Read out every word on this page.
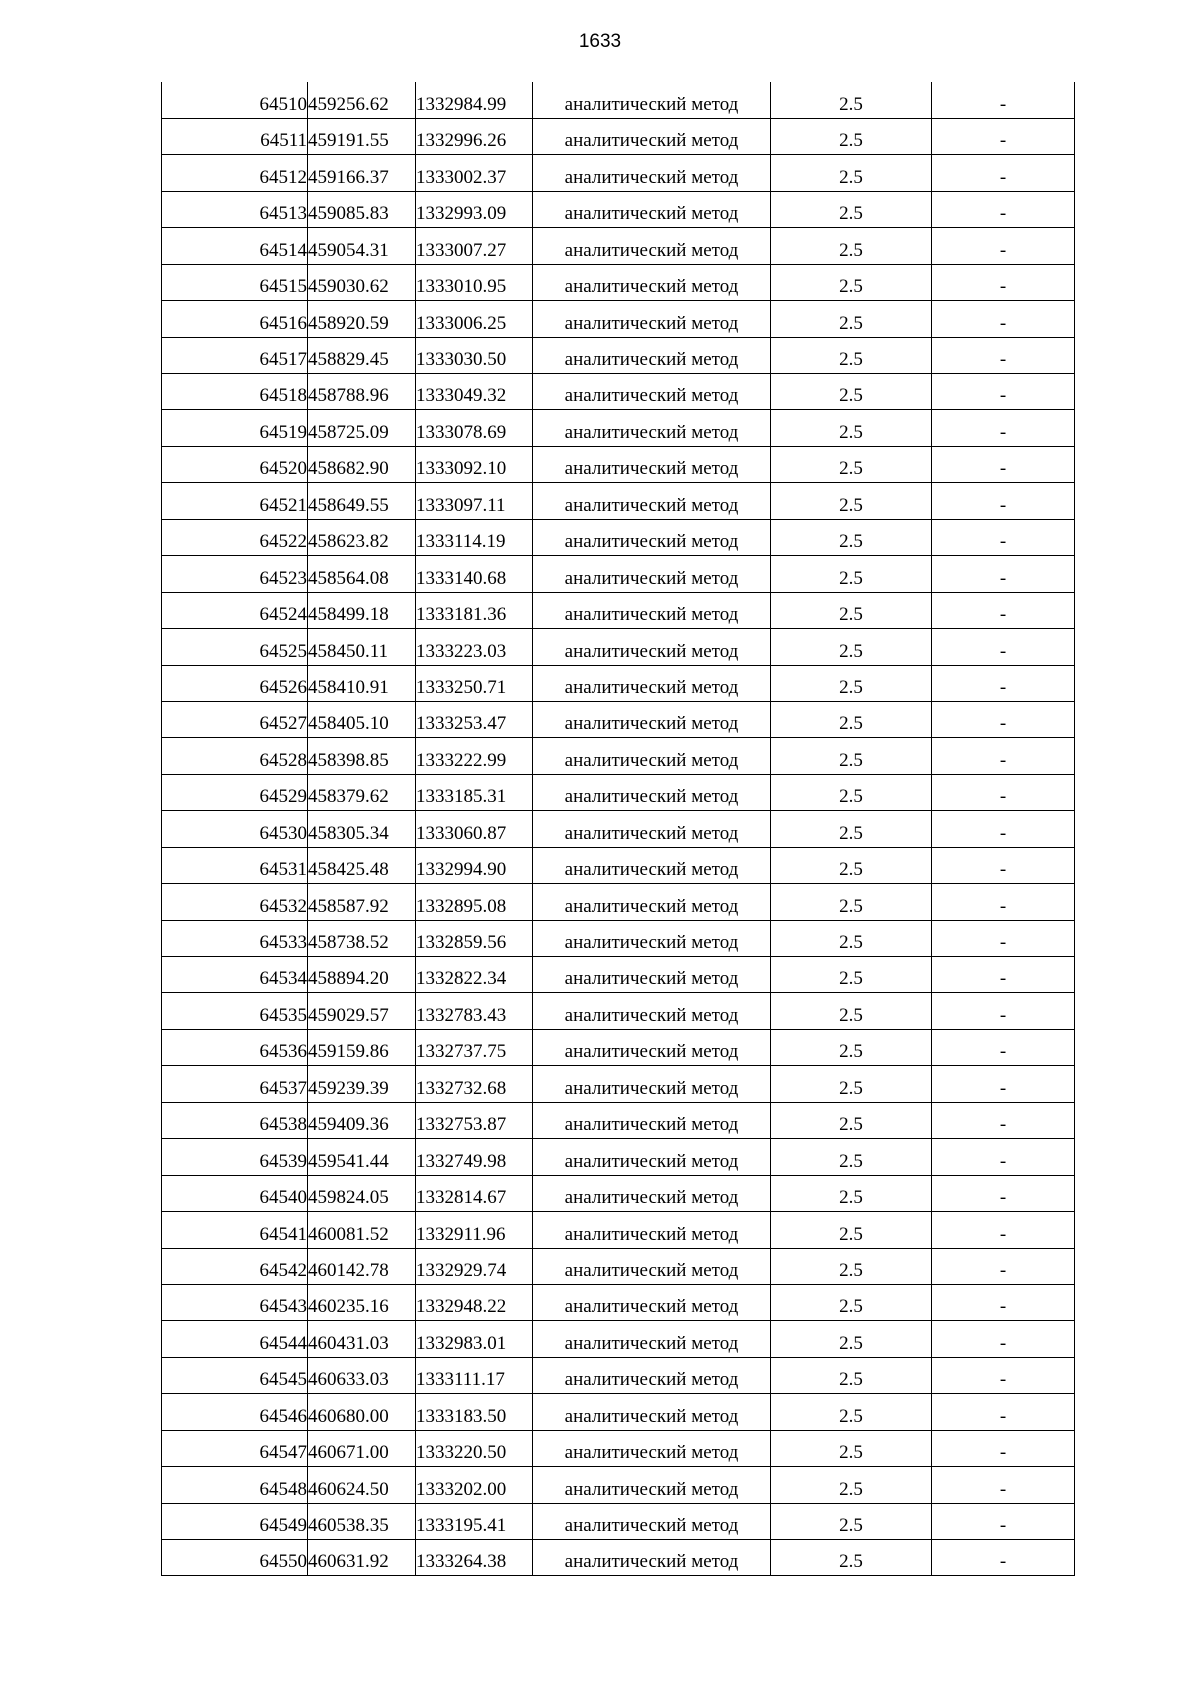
1633
64510	459256.62	1332984.99	аналитический метод	2.5	-
64511	459191.55	1332996.26	аналитический метод	2.5	-
64512	459166.37	1333002.37	аналитический метод	2.5	-
64513	459085.83	1332993.09	аналитический метод	2.5	-
64514	459054.31	1333007.27	аналитический метод	2.5	-
64515	459030.62	1333010.95	аналитический метод	2.5	-
64516	458920.59	1333006.25	аналитический метод	2.5	-
64517	458829.45	1333030.50	аналитический метод	2.5	-
64518	458788.96	1333049.32	аналитический метод	2.5	-
64519	458725.09	1333078.69	аналитический метод	2.5	-
64520	458682.90	1333092.10	аналитический метод	2.5	-
64521	458649.55	1333097.11	аналитический метод	2.5	-
64522	458623.82	1333114.19	аналитический метод	2.5	-
64523	458564.08	1333140.68	аналитический метод	2.5	-
64524	458499.18	1333181.36	аналитический метод	2.5	-
64525	458450.11	1333223.03	аналитический метод	2.5	-
64526	458410.91	1333250.71	аналитический метод	2.5	-
64527	458405.10	1333253.47	аналитический метод	2.5	-
64528	458398.85	1333222.99	аналитический метод	2.5	-
64529	458379.62	1333185.31	аналитический метод	2.5	-
64530	458305.34	1333060.87	аналитический метод	2.5	-
64531	458425.48	1332994.90	аналитический метод	2.5	-
64532	458587.92	1332895.08	аналитический метод	2.5	-
64533	458738.52	1332859.56	аналитический метод	2.5	-
64534	458894.20	1332822.34	аналитический метод	2.5	-
64535	459029.57	1332783.43	аналитический метод	2.5	-
64536	459159.86	1332737.75	аналитический метод	2.5	-
64537	459239.39	1332732.68	аналитический метод	2.5	-
64538	459409.36	1332753.87	аналитический метод	2.5	-
64539	459541.44	1332749.98	аналитический метод	2.5	-
64540	459824.05	1332814.67	аналитический метод	2.5	-
64541	460081.52	1332911.96	аналитический метод	2.5	-
64542	460142.78	1332929.74	аналитический метод	2.5	-
64543	460235.16	1332948.22	аналитический метод	2.5	-
64544	460431.03	1332983.01	аналитический метод	2.5	-
64545	460633.03	1333111.17	аналитический метод	2.5	-
64546	460680.00	1333183.50	аналитический метод	2.5	-
64547	460671.00	1333220.50	аналитический метод	2.5	-
64548	460624.50	1333202.00	аналитический метод	2.5	-
64549	460538.35	1333195.41	аналитический метод	2.5	-
64550	460631.92	1333264.38	аналитический метод	2.5	-
